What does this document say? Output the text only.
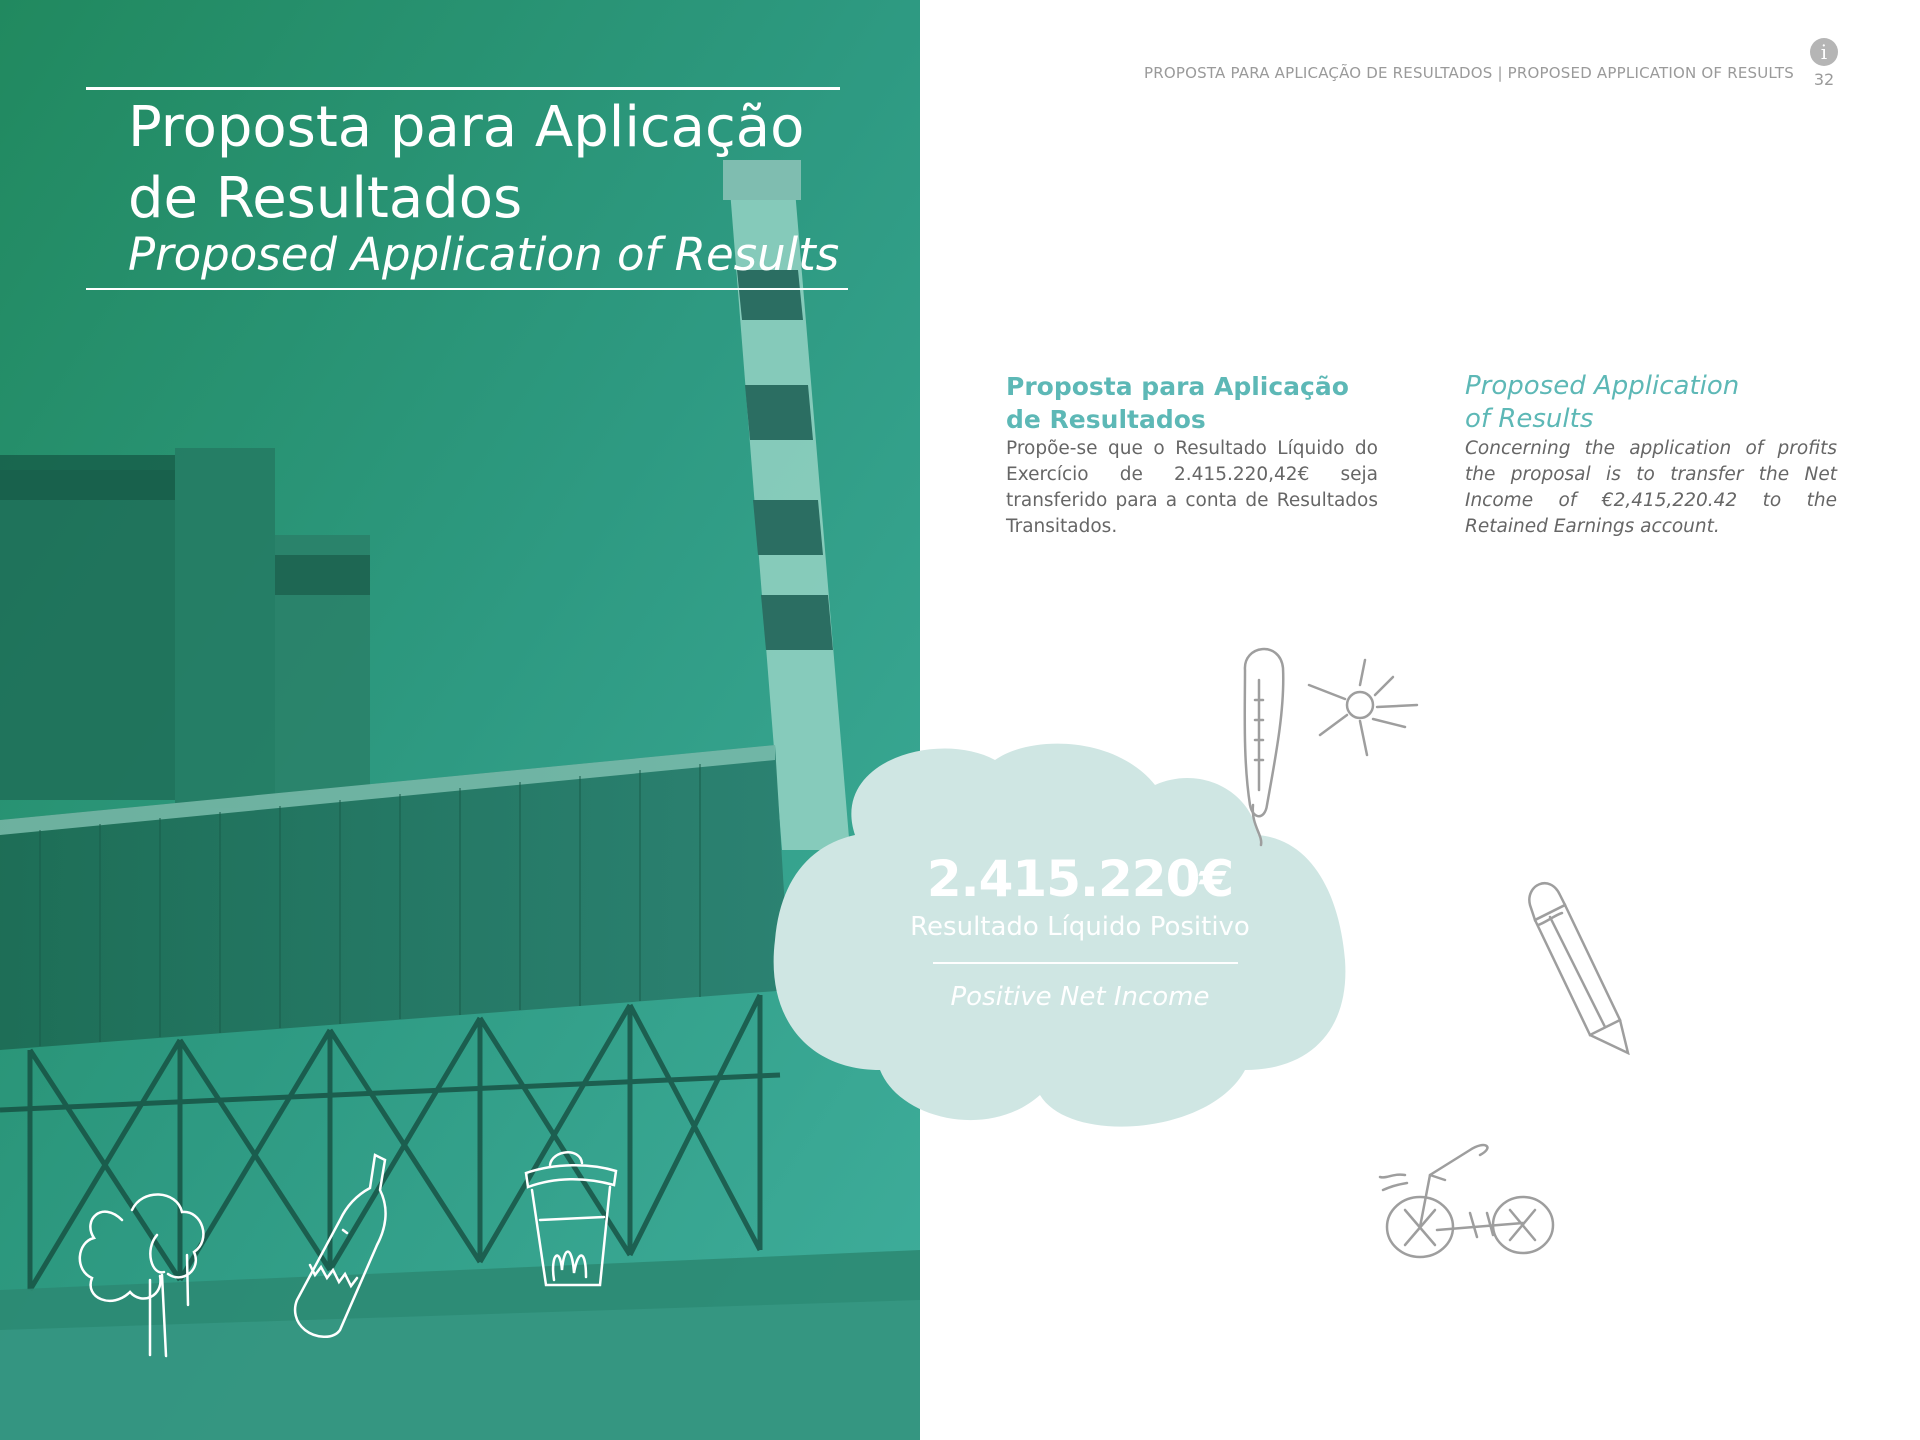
Proposta para Aplicação
de Resultados
Proposed Application of Results
PROPOSTA PARA APLICAÇÃO DE RESULTADOS | PROPOSED APPLICATION OF RESULTS
i
32
Proposta para Aplicação
de Resultados

Propõe-se que o Resultado Líquido do Exercício de 2.415.220,42€ seja transferido para a conta de Resultados Transitados.

Proposed Application
of Results

Concerning the application of profits the proposal is to transfer the Net Income of €2,415,220.42 to the Retained Earnings account.

2.415.220€
Resultado Líquido Positivo
Positive Net Income
